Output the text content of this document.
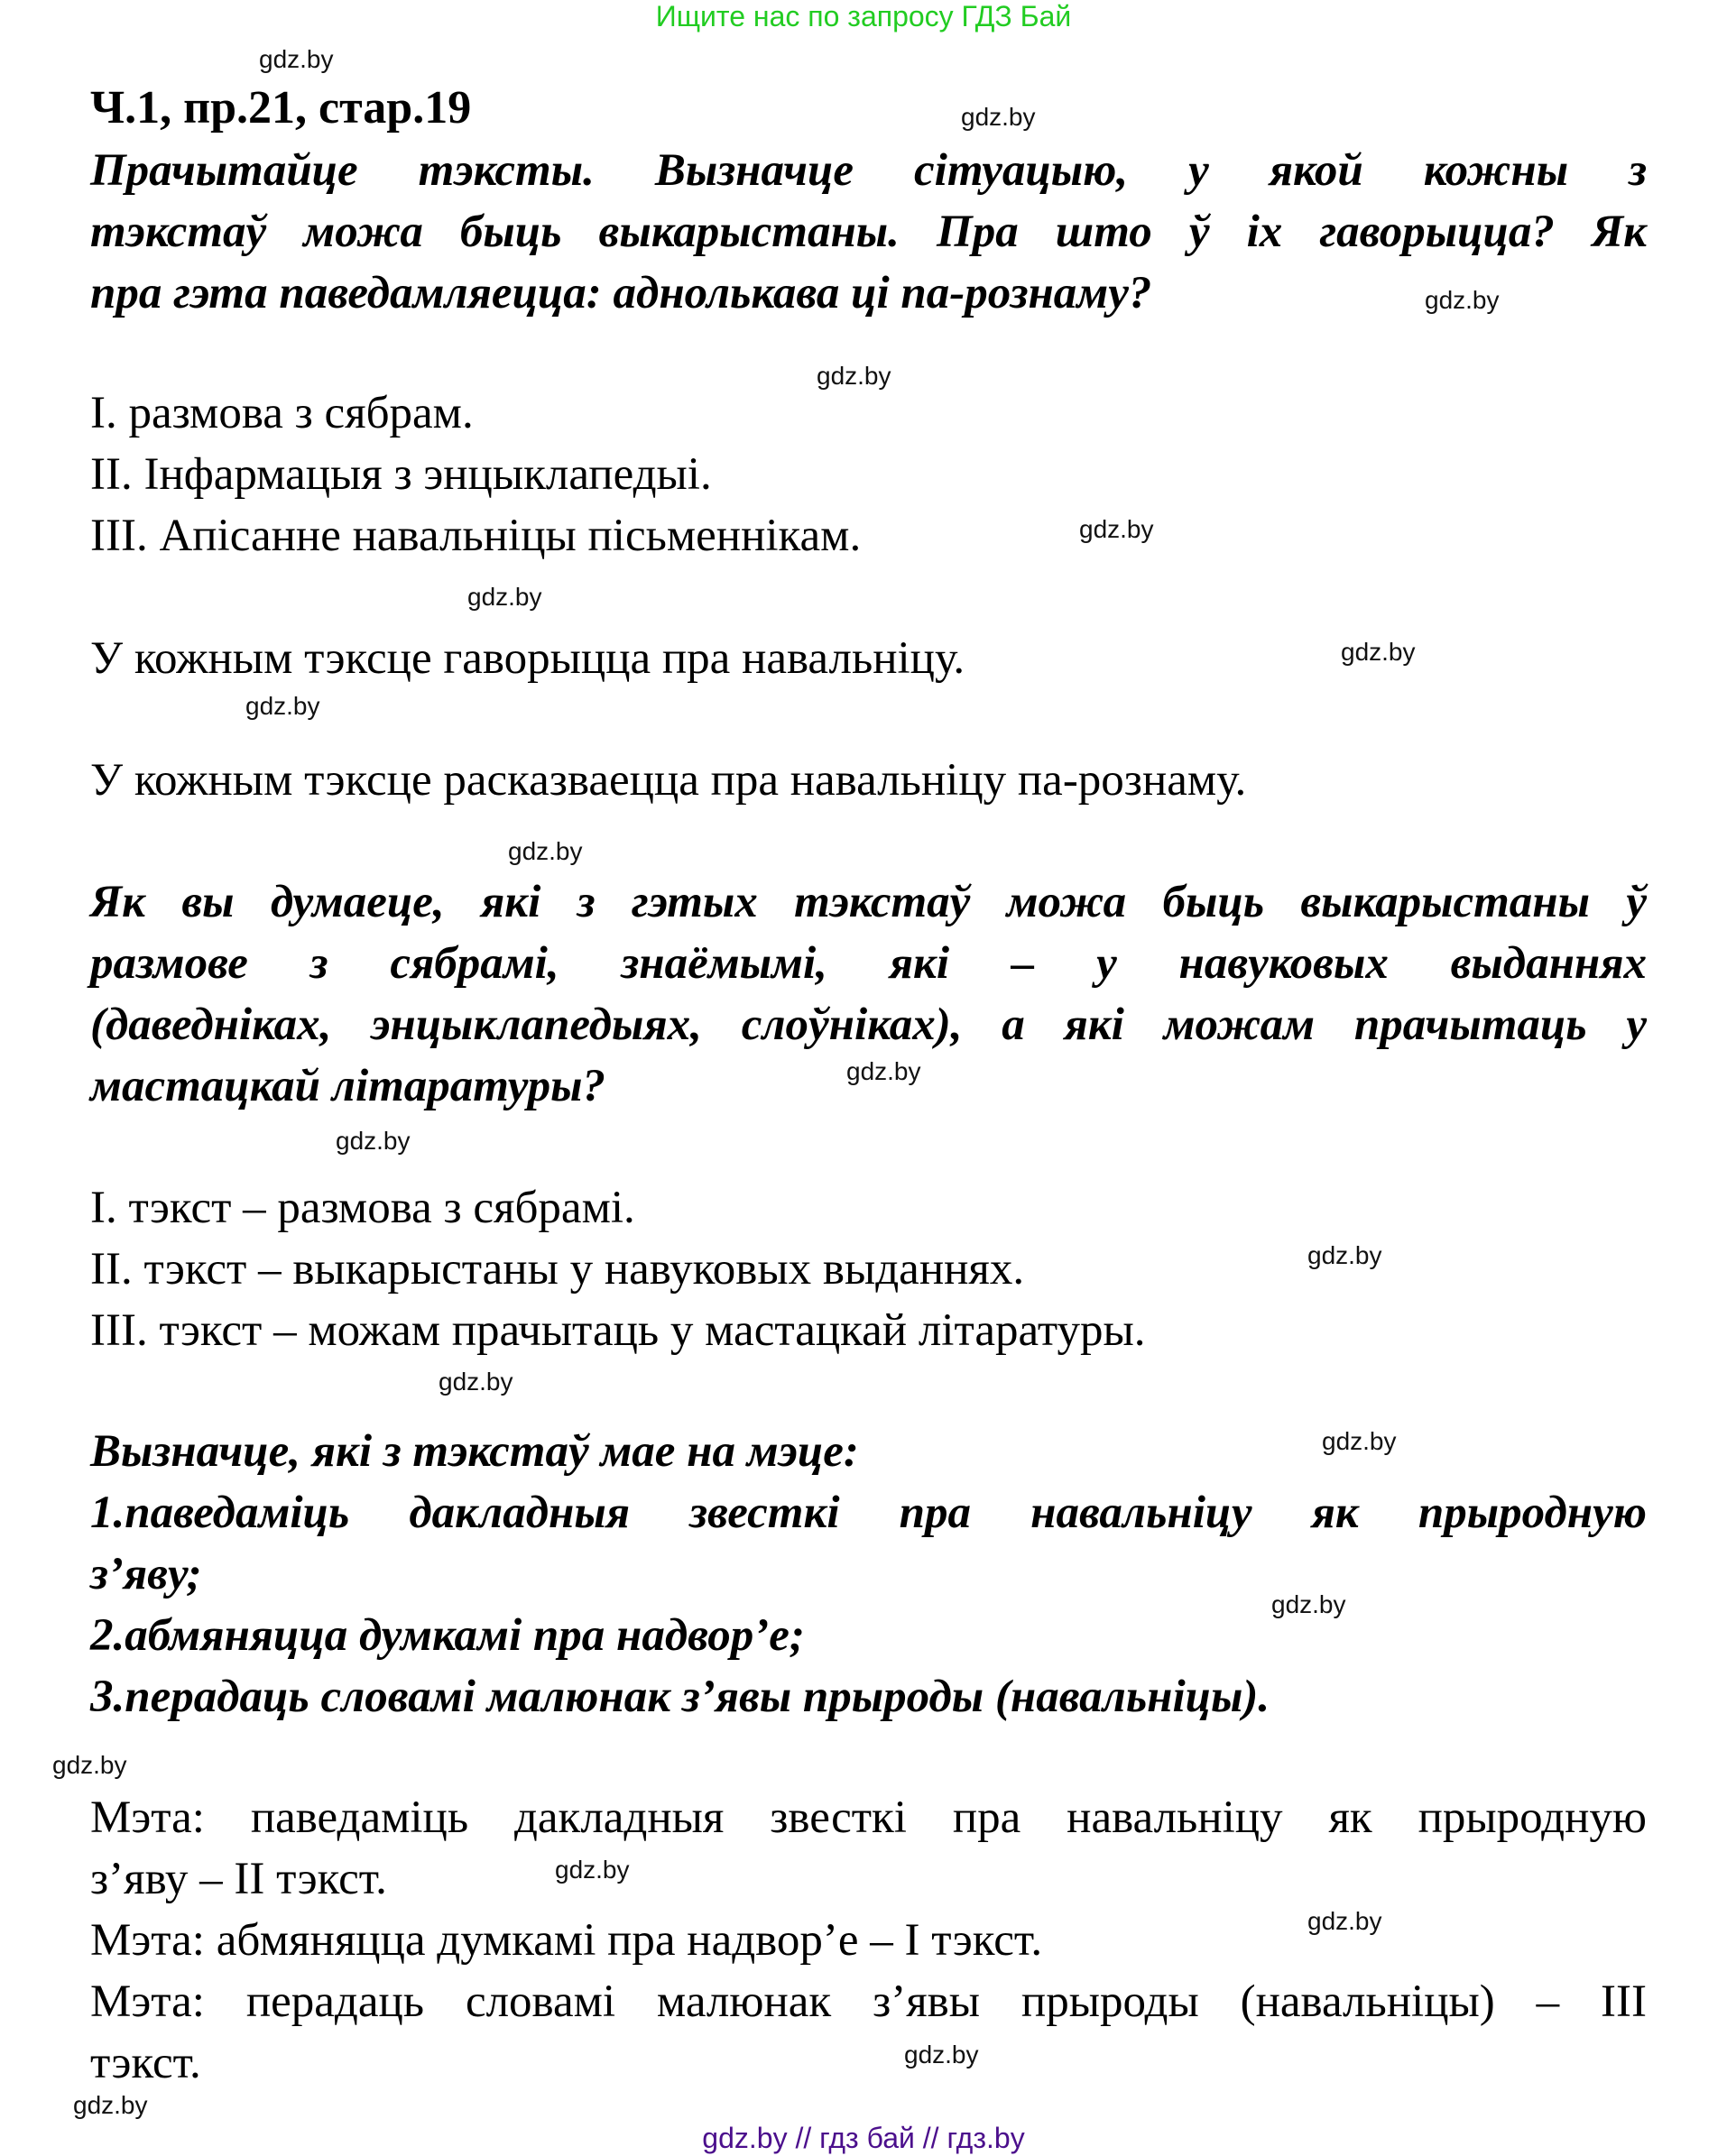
Ищите нас по запросу ГДЗ Бай
Ч.1, пр.21, стар.19
Прачытайце тэксты. Вызначце сітуацыю, у якой кожны з
тэкстаў можа быць выкарыстаны. Пра што ў іх гаворыцца? Як
пра гэта паведамляецца: аднолькава ці па-рознаму?
І. размова з сябрам.
ІІ. Інфармацыя з энцыклапедыі.
ІІІ. Апісанне навальніцы пісьменнікам.
У кожным тэксце гаворыцца пра навальніцу.
У кожным тэксце расказваецца пра навальніцу па-рознаму.
Як вы думаеце, які з гэтых тэкстаў можа быць выкарыстаны ў
размове з сябрамі, знаёмымі, які – у навуковых выданнях
(даведніках, энцыклапедыях, слоўніках), а які можам прачытаць у
мастацкай літаратуры?
І. тэкст – размова з сябрамі.
ІІ. тэкст – выкарыстаны у навуковых выданнях.
ІІІ. тэкст – можам прачытаць у мастацкай літаратуры.
Вызначце, які з тэкстаў мае на мэце:
1.паведаміць дакладныя звесткі пра навальніцу як прыродную
з’яву;
2.абмяняцца думкамі пра надвор’е;
3.перадаць словамі малюнак з’явы прыроды (навальніцы).
Мэта: паведаміць дакладныя звесткі пра навальніцу як прыродную
з’яву – ІІ тэкст.
Мэта: абмяняцца думкамі пра надвор’е – І тэкст.
Мэта: перадаць словамі малюнак з’явы прыроды (навальніцы) – ІІІ
тэкст.
gdz.by
gdz.by
gdz.by
gdz.by
gdz.by
gdz.by
gdz.by
gdz.by
gdz.by
gdz.by
gdz.by
gdz.by
gdz.by
gdz.by
gdz.by
gdz.by
gdz.by
gdz.by
gdz.by
gdz.by
gdz.by // гдз бай // гдз.by
